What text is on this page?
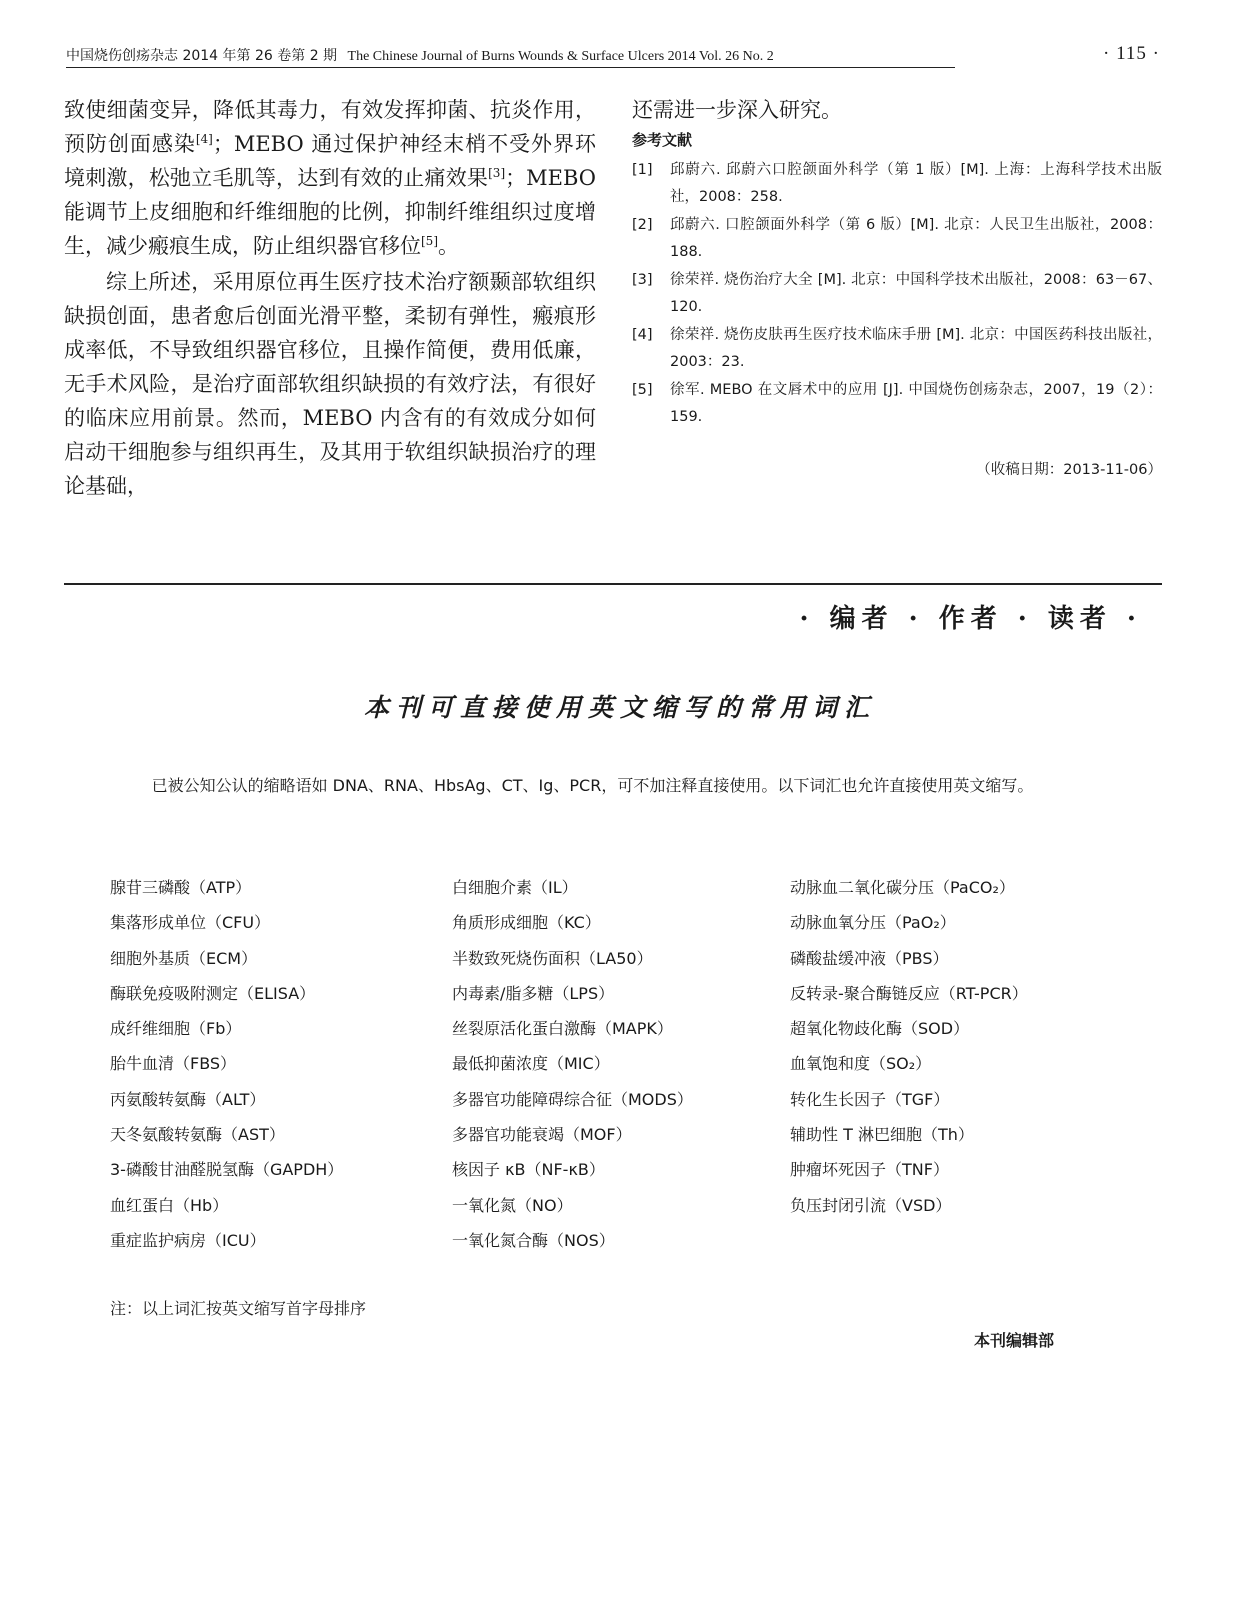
中国烧伤创疡杂志 2014 年第 26 卷第 2 期 The Chinese Journal of Burns Wounds & Surface Ulcers 2014 Vol. 26 No. 2	· 115 ·

致使细菌变异，降低其毒力，有效发挥抑菌、抗炎作用，预防创面感染[4]；MEBO 通过保护神经末梢不受外界环境刺激，松弛立毛肌等，达到有效的止痛效果[3]；MEBO 能调节上皮细胞和纤维细胞的比例，抑制纤维组织过度增生，减少瘢痕生成，防止组织器官移位[5]。

综上所述，采用原位再生医疗技术治疗额颞部软组织缺损创面，患者愈后创面光滑平整，柔韧有弹性，瘢痕形成率低，不导致组织器官移位，且操作简便，费用低廉，无手术风险，是治疗面部软组织缺损的有效疗法，有很好的临床应用前景。然而，MEBO 内含有的有效成分如何启动干细胞参与组织再生，及其用于软组织缺损治疗的理论基础，

还需进一步深入研究。

参考文献
[1]	邱蔚六. 邱蔚六口腔颌面外科学（第 1 版）[M]. 上海：上海科学技术出版社，2008：258.
[2]	邱蔚六. 口腔颌面外科学（第 6 版）[M]. 北京：人民卫生出版社，2008：188.
[3]	徐荣祥. 烧伤治疗大全 [M]. 北京：中国科学技术出版社，2008：63－67、120.
[4]	徐荣祥. 烧伤皮肤再生医疗技术临床手册 [M]. 北京：中国医药科技出版社，2003：23.
[5]	徐军. MEBO 在文唇术中的应用 [J]. 中国烧伤创疡杂志，2007，19（2）：159.
（收稿日期：2013-11-06）
· 编者 · 作者 · 读者 ·
本刊可直接使用英文缩写的常用词汇
已被公知公认的缩略语如 DNA、RNA、HbsAg、CT、Ig、PCR，可不加注释直接使用。以下词汇也允许直接使用英文缩写。
腺苷三磷酸（ATP）
集落形成单位（CFU）
细胞外基质（ECM）
酶联免疫吸附测定（ELISA）
成纤维细胞（Fb）
胎牛血清（FBS）
丙氨酸转氨酶（ALT）
天冬氨酸转氨酶（AST）
3-磷酸甘油醛脱氢酶（GAPDH）
血红蛋白（Hb）
重症监护病房（ICU）
白细胞介素（IL）
角质形成细胞（KC）
半数致死烧伤面积（LA50）
内毒素/脂多糖（LPS）
丝裂原活化蛋白激酶（MAPK）
最低抑菌浓度（MIC）
多器官功能障碍综合征（MODS）
多器官功能衰竭（MOF）
核因子 κB（NF-κB）
一氧化氮（NO）
一氧化氮合酶（NOS）
动脉血二氧化碳分压（PaCO₂）
动脉血氧分压（PaO₂）
磷酸盐缓冲液（PBS）
反转录-聚合酶链反应（RT-PCR）
超氧化物歧化酶（SOD）
血氧饱和度（SO₂）
转化生长因子（TGF）
辅助性 T 淋巴细胞（Th）
肿瘤坏死因子（TNF）
负压封闭引流（VSD）
注：以上词汇按英文缩写首字母排序
本刊编辑部
